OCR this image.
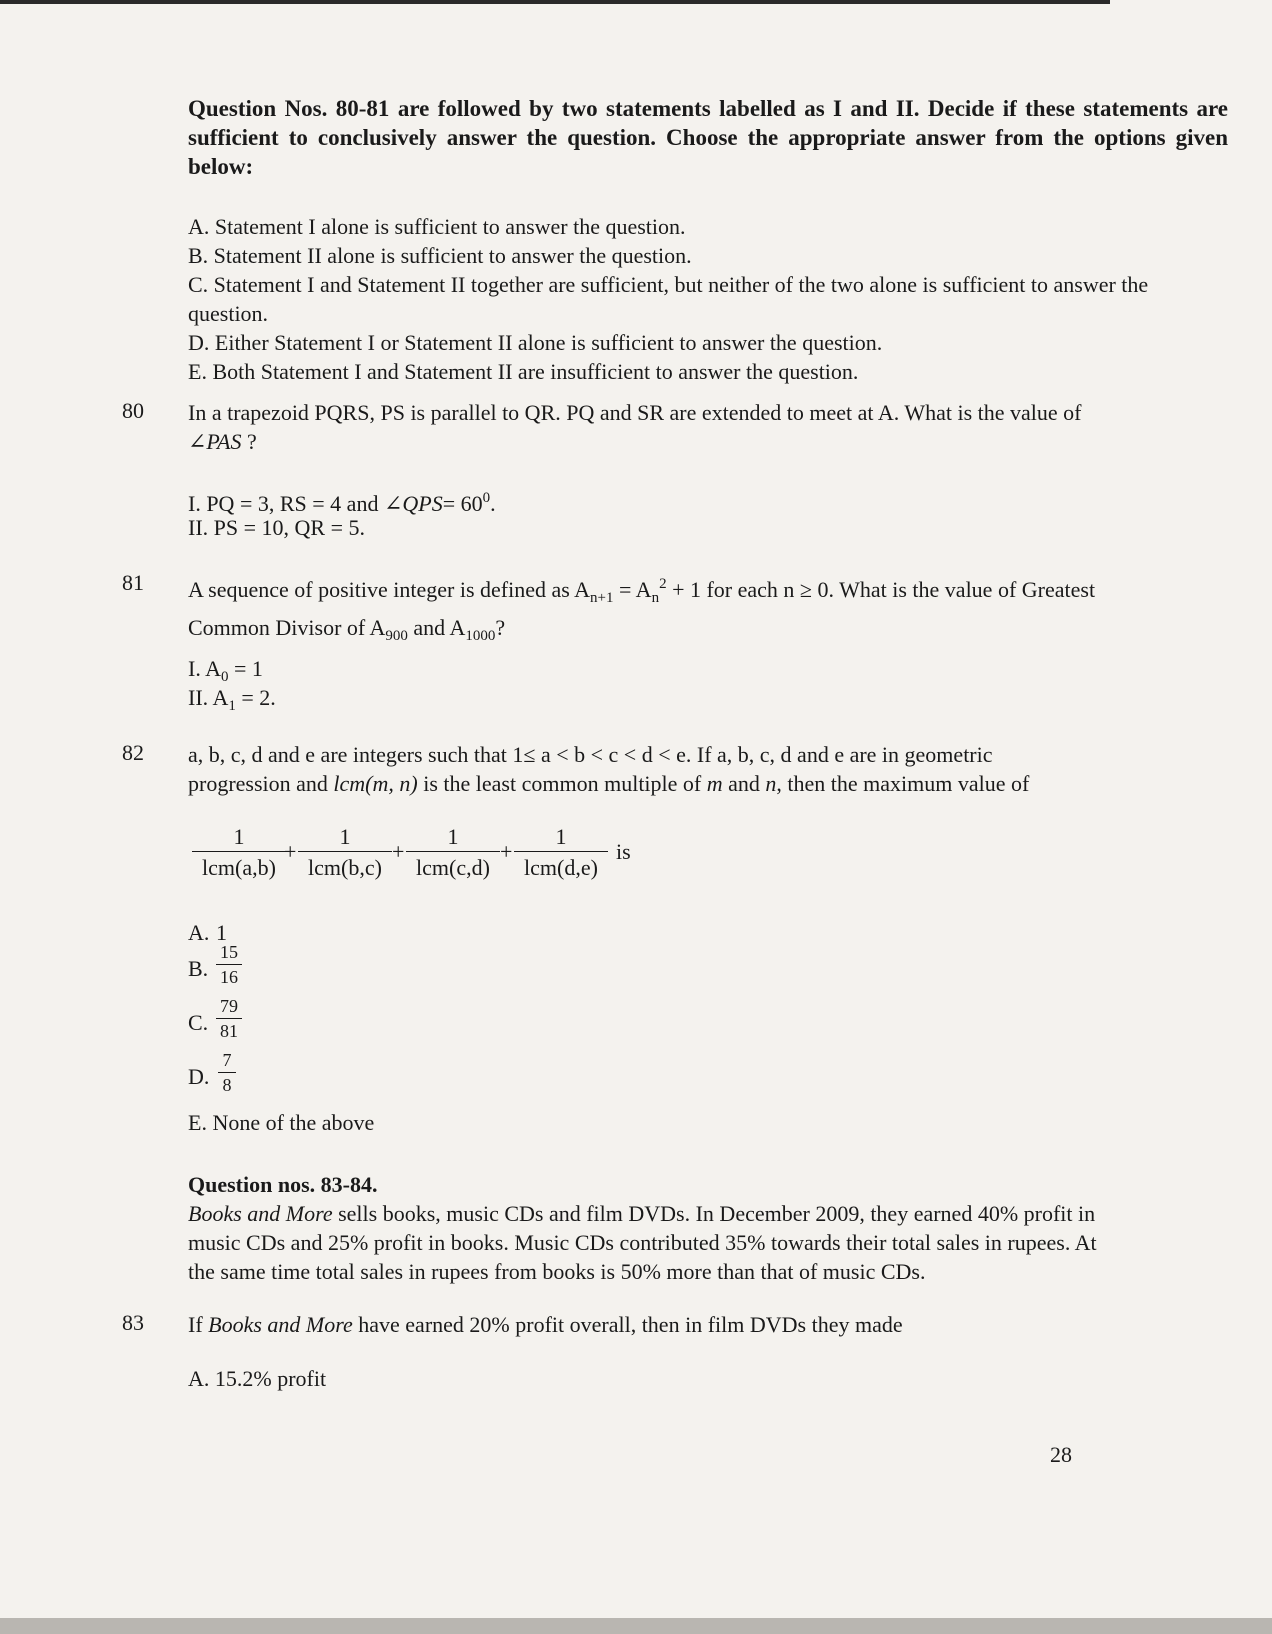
Question Nos. 80-81 are followed by two statements labelled as I and II. Decide if these statements are sufficient to conclusively answer the question. Choose the appropriate answer from the options given below:
A. Statement I alone is sufficient to answer the question.
B. Statement II alone is sufficient to answer the question.
C. Statement I and Statement II together are sufficient, but neither of the two alone is sufficient to answer the question.
D. Either Statement I or Statement II alone is sufficient to answer the question.
E. Both Statement I and Statement II are insufficient to answer the question.
80 In a trapezoid PQRS, PS is parallel to QR. PQ and SR are extended to meet at A. What is the value of
∠PAS ?
I. PQ = 3, RS = 4 and ∠QPS= $60^0$.
II. PS = 10, QR = 5.
81 A sequence of positive integer is defined as $A_{n+1} = A_n^2 + 1$ for each n ≥ 0. What is the value of Greatest
Common Divisor of $A_{900}$ and $A_{1000}$?
I. $A_0 = 1$
II. $A_1 = 2$.
82 a, b, c, d and e are integers such that 1≤ a < b < c < d < e. If a, b, c, d and e are in geometric
progression and lcm(m, n) is the least common multiple of m and n, then the maximum value of
1
lcm(a,b)
+
1
lcm(b,c)
+
1
lcm(c,d)
+
1
lcm(d,e)
is
A. 1
B.
15
16
C.
79
81
D.
7
8
E. None of the above
Question nos. 83-84.
Books and More sells books, music CDs and film DVDs. In December 2009, they earned 40% profit in
music CDs and 25% profit in books. Music CDs contributed 35% towards their total sales in rupees. At
the same time total sales in rupees from books is 50% more than that of music CDs.
83 If Books and More have earned 20% profit overall, then in film DVDs they made
A. 15.2% profit
28
